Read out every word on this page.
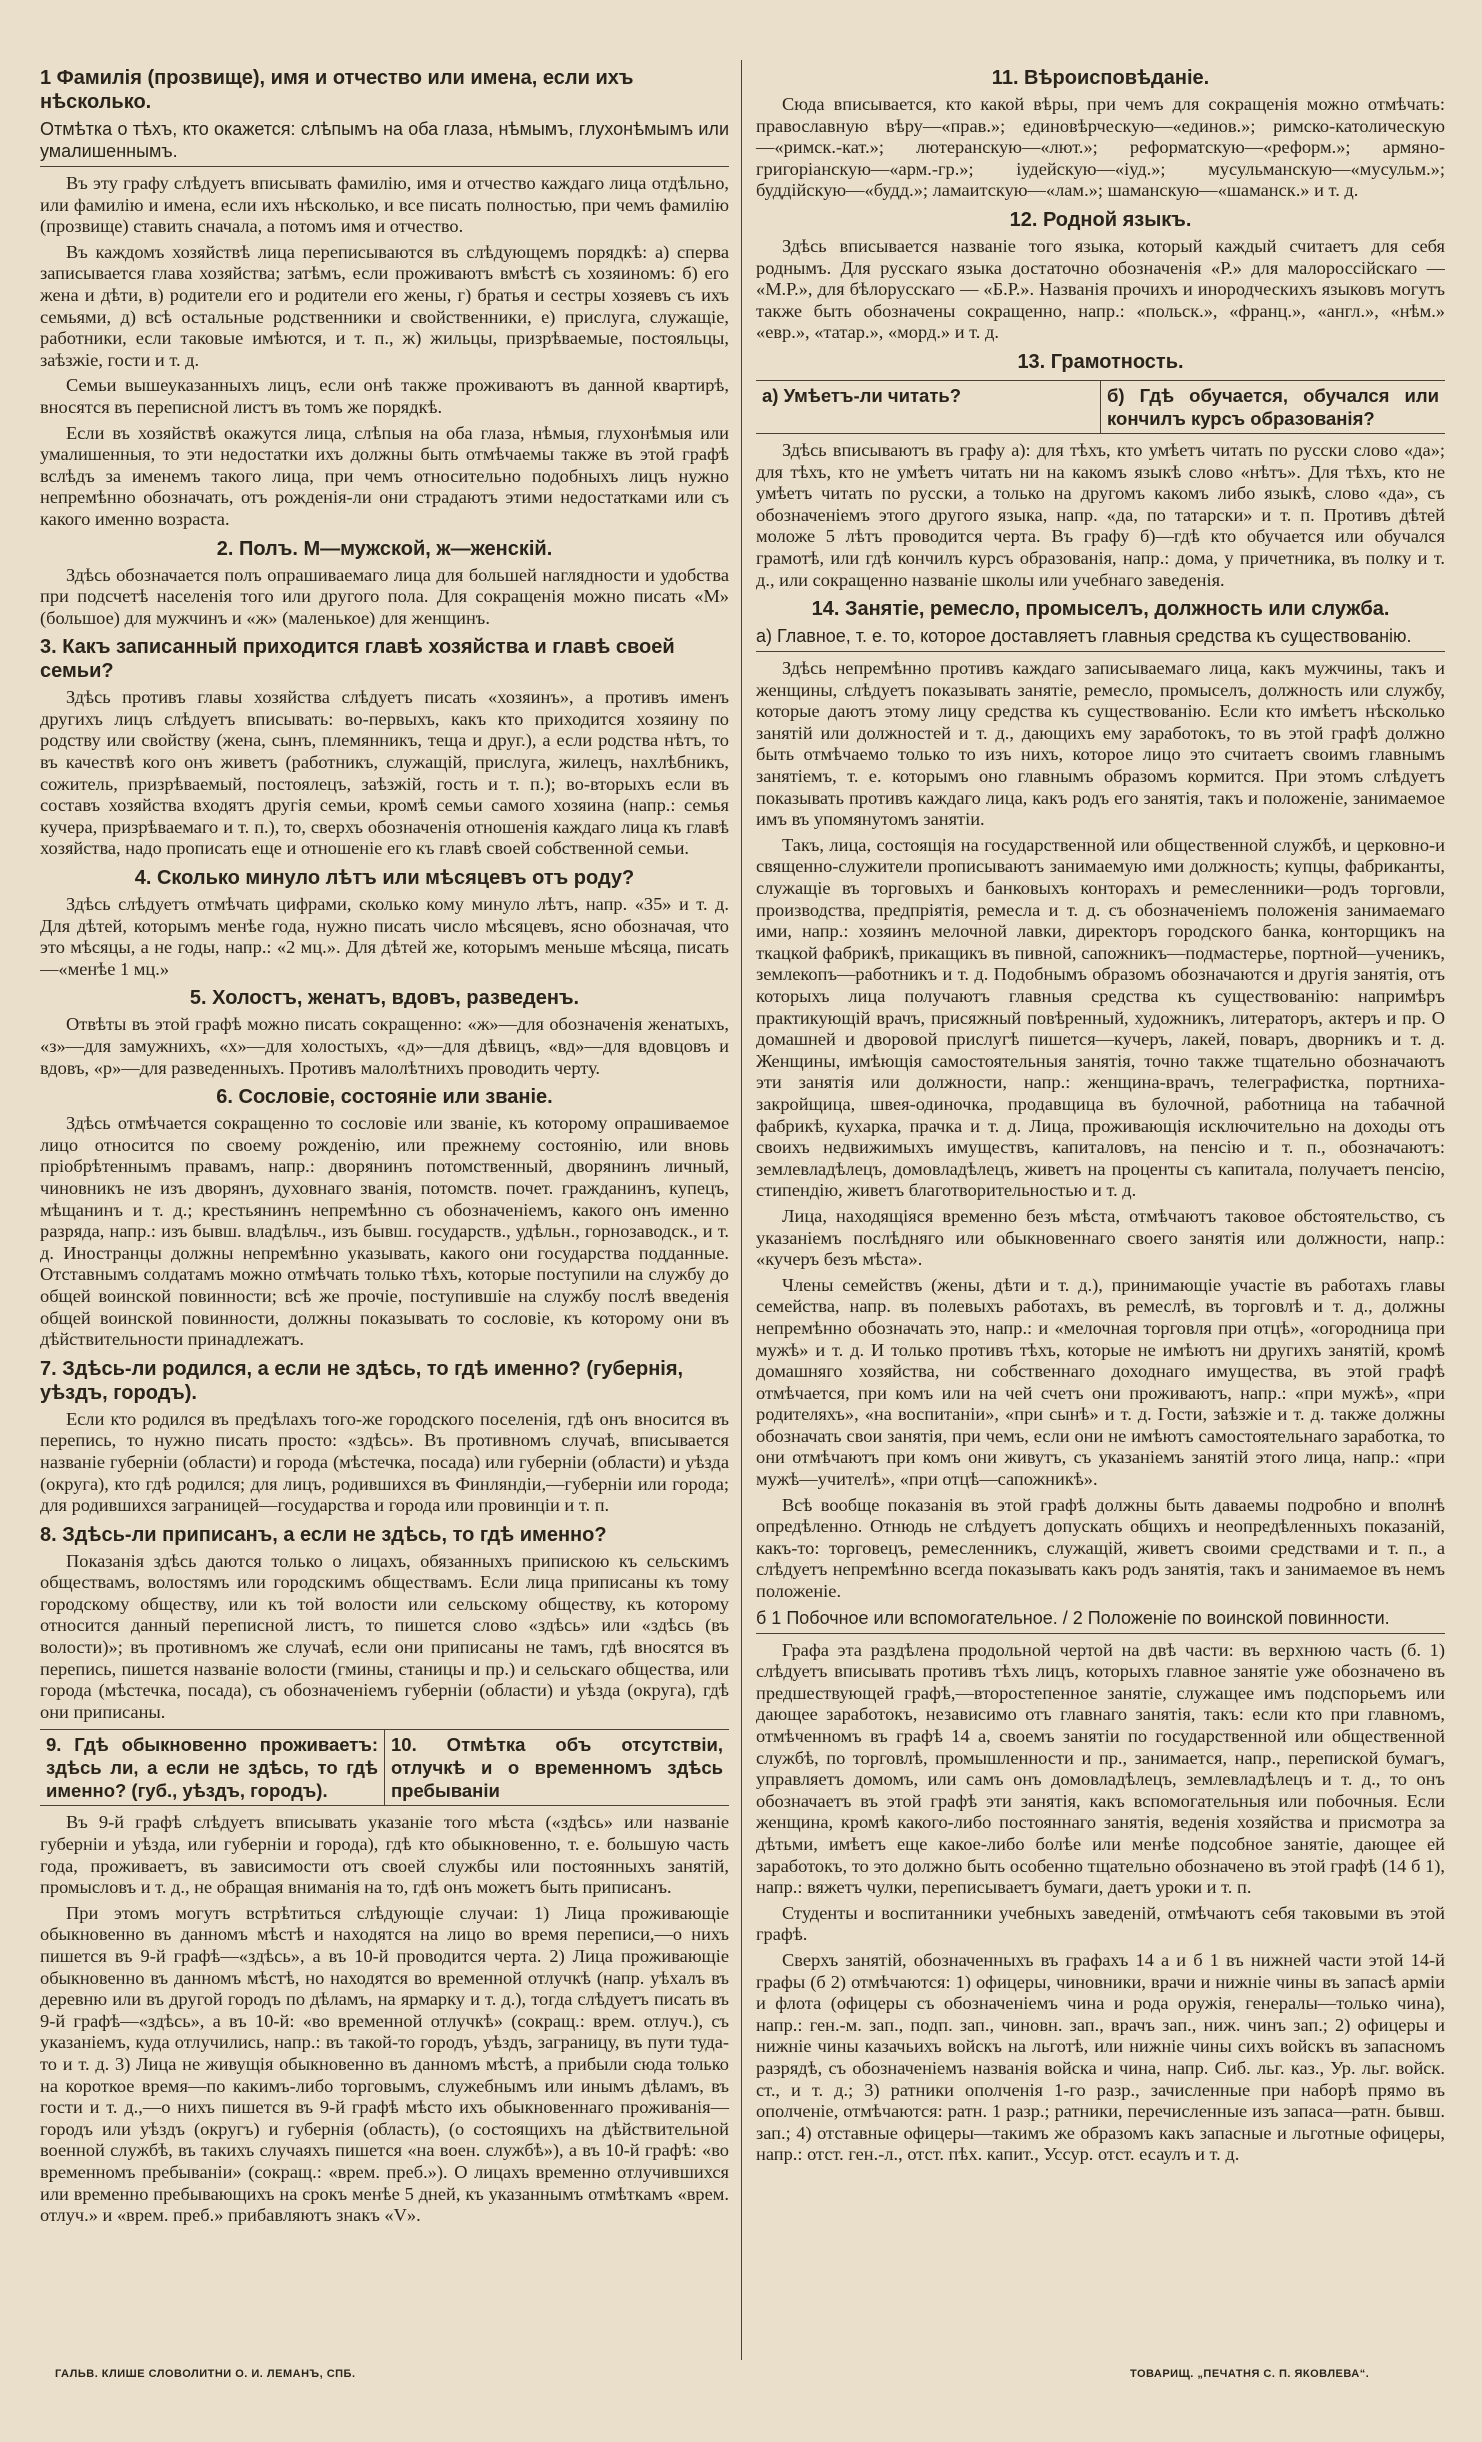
1 Фамилія (прозвище), имя и отчество или имена, если ихъ нѣсколько.
Отмѣтка о тѣхъ, кто окажется: слѣпымъ на оба глаза, нѣмымъ, глухонѣмымъ или умалишеннымъ.
Въ эту графу слѣдуетъ вписывать фамилію, имя и отчество каждаго лица отдѣльно, или фамилію и имена, если ихъ нѣсколько, и все писать полностью, при чемъ фамилію (прозвище) ставить сначала, а потомъ имя и отчество.
Въ каждомъ хозяйствѣ лица переписываются въ слѣдующемъ порядкѣ: а) сперва записывается глава хозяйства; затѣмъ, если проживаютъ вмѣстѣ съ хозяиномъ: б) его жена и дѣти, в) родители его и родители его жены, г) братья и сестры хозяевъ съ ихъ семьями, д) всѣ остальные родственники и свойственники, е) прислуга, служащіе, работники, если таковые имѣются, и т. п., ж) жильцы, призрѣваемые, постояльцы, заѣзжіе, гости и т. д.
Семьи вышеуказанныхъ лицъ, если онѣ также проживаютъ въ данной квартирѣ, вносятся въ переписной листъ въ томъ же порядкѣ.
Если въ хозяйствѣ окажутся лица, слѣпыя на оба глаза, нѣмыя, глухонѣмыя или умалишенныя, то эти недостатки ихъ должны быть отмѣчаемы также въ этой графѣ вслѣдъ за именемъ такого лица, при чемъ относительно подобныхъ лицъ нужно непремѣнно обозначать, отъ рожденія-ли они страдаютъ этими недостатками или съ какого именно возраста.
2. Полъ. М—мужской, ж—женскій.
Здѣсь обозначается полъ опрашиваемаго лица для большей наглядности и удобства при подсчетѣ населенія того или другого пола. Для сокращенія можно писать «М» (большое) для мужчинъ и «ж» (маленькое) для женщинъ.
3. Какъ записанный приходится главѣ хозяйства и главѣ своей семьи?
Здѣсь противъ главы хозяйства слѣдуетъ писать «хозяинъ», а противъ именъ другихъ лицъ слѣдуетъ вписывать: во-первыхъ, какъ кто приходится хозяину по родству или свойству (жена, сынъ, племянникъ, теща и друг.), а если родства нѣтъ, то въ качествѣ кого онъ живетъ (работникъ, служащій, прислуга, жилецъ, нахлѣбникъ, сожитель, призрѣваемый, постоялецъ, заѣзжій, гость и т. п.); во-вторыхъ если въ составъ хозяйства входятъ другія семьи, кромѣ семьи самого хозяина (напр.: семья кучера, призрѣваемаго и т. п.), то, сверхъ обозначенія отношенія каждаго лица къ главѣ хозяйства, надо прописать еще и отношеніе его къ главѣ своей собственной семьи.
4. Сколько минуло лѣтъ или мѣсяцевъ отъ роду?
Здѣсь слѣдуетъ отмѣчать цифрами, сколько кому минуло лѣтъ, напр. «35» и т. д. Для дѣтей, которымъ менѣе года, нужно писать число мѣсяцевъ, ясно обозначая, что это мѣсяцы, а не годы, напр.: «2 мц.». Для дѣтей же, которымъ меньше мѣсяца, писать—«менѣе 1 мц.»
5. Холостъ, женатъ, вдовъ, разведенъ.
Отвѣты въ этой графѣ можно писать сокращенно: «ж»—для обозначенія женатыхъ, «з»—для замужнихъ, «х»—для холостыхъ, «д»—для дѣвицъ, «вд»—для вдовцовъ и вдовъ, «р»—для разведенныхъ. Противъ малолѣтнихъ проводить черту.
6. Сословіе, состояніе или званіе.
Здѣсь отмѣчается сокращенно то сословіе или званіе, къ которому опрашиваемое лицо относится по своему рожденію, или прежнему состоянію, или вновь пріобрѣтеннымъ правамъ, напр.: дворянинъ потомственный, дворянинъ личный, чиновникъ не изъ дворянъ, духовнаго званія, потомств. почет. гражданинъ, купецъ, мѣщанинъ и т. д.; крестьянинъ непремѣнно съ обозначеніемъ, какого онъ именно разряда, напр.: изъ бывш. владѣльч., изъ бывш. государств., удѣльн., горнозаводск., и т. д. Иностранцы должны непремѣнно указывать, какого они государства подданные. Отставнымъ солдатамъ можно отмѣчать только тѣхъ, которые поступили на службу до общей воинской повинности; всѣ же прочіе, поступившіе на службу послѣ введенія общей воинской повинности, должны показывать то сословіе, къ которому они въ дѣйствительности принадлежатъ.
7. Здѣсь-ли родился, а если не здѣсь, то гдѣ именно? (губернія, уѣздъ, городъ).
Если кто родился въ предѣлахъ того-же городского поселенія, гдѣ онъ вносится въ перепись, то нужно писать просто: «здѣсь». Въ противномъ случаѣ, вписывается названіе губерніи (области) и города (мѣстечка, посада) или губерніи (области) и уѣзда (округа), кто гдѣ родился; для лицъ, родившихся въ Финляндіи,—губерніи или города; для родившихся заграницей—государства и города или провинціи и т. п.
8. Здѣсь-ли приписанъ, а если не здѣсь, то гдѣ именно?
Показанія здѣсь даются только о лицахъ, обязанныхъ припискою къ сельскимъ обществамъ, волостямъ или городскимъ обществамъ. Если лица приписаны къ тому городскому обществу, или къ той волости или сельскому обществу, къ которому относится данный переписной листъ, то пишется слово «здѣсь» или «здѣсь (въ волости)»; въ противномъ же случаѣ, если они приписаны не тамъ, гдѣ вносятся въ перепись, пишется названіе волости (гмины, станицы и пр.) и сельскаго общества, или города (мѣстечка, посада), съ обозначеніемъ губерніи (области) и уѣзда (округа), гдѣ они приписаны.
9. Гдѣ обыкновенно проживаетъ: здѣсь ли, а если не здѣсь, то гдѣ именно? (губ., уѣздъ, городъ).
10. Отмѣтка объ отсутствіи, отлучкѣ и о временномъ здѣсь пребываніи
Въ 9-й графѣ слѣдуетъ вписывать указаніе того мѣста («здѣсь» или названіе губерніи и уѣзда, или губерніи и города), гдѣ кто обыкновенно, т. е. большую часть года, проживаетъ, въ зависимости отъ своей службы или постоянныхъ занятій, промысловъ и т. д., не обращая вниманія на то, гдѣ онъ можетъ быть приписанъ.
При этомъ могутъ встрѣтиться слѣдующіе случаи: 1) Лица проживающіе обыкновенно въ данномъ мѣстѣ и находятся на лицо во время переписи,—о нихъ пишется въ 9-й графѣ—«здѣсь», а въ 10-й проводится черта. 2) Лица проживающіе обыкновенно въ данномъ мѣстѣ, но находятся во временной отлучкѣ (напр. уѣхалъ въ деревню или въ другой городъ по дѣламъ, на ярмарку и т. д.), тогда слѣдуетъ писать въ 9-й графѣ—«здѣсь», а въ 10-й: «во временной отлучкѣ» (сокращ.: врем. отлуч.), съ указаніемъ, куда отлучились, напр.: въ такой-то городъ, уѣздъ, заграницу, въ пути туда-то и т. д. 3) Лица не живущія обыкновенно въ данномъ мѣстѣ, а прибыли сюда только на короткое время—по какимъ-либо торговымъ, служебнымъ или инымъ дѣламъ, въ гости и т. д.,—о нихъ пишется въ 9-й графѣ мѣсто ихъ обыкновеннаго проживанія—городъ или уѣздъ (округъ) и губернія (область), (о состоящихъ на дѣйствительной военной службѣ, въ такихъ случаяхъ пишется «на воен. службѣ»), а въ 10-й графѣ: «во временномъ пребываніи» (сокращ.: «врем. преб.»). О лицахъ временно отлучившихся или временно пребывающихъ на срокъ менѣе 5 дней, къ указаннымъ отмѣткамъ «врем. отлуч.» и «врем. преб.» прибавляютъ знакъ «V».
11. Вѣроисповѣданіе.
Сюда вписывается, кто какой вѣры, при чемъ для сокращенія можно отмѣчать: православную вѣру—«прав.»; единовѣрческую—«единов.»; римско-католическую—«римск.-кат.»; лютеранскую—«лют.»; реформатскую—«реформ.»; армяно-григоріанскую—«арм.-гр.»; іудейскую—«іуд.»; мусульманскую—«мусульм.»; буддійскую—«будд.»; ламаитскую—«лам.»; шаманскую—«шаманск.» и т. д.
12. Родной языкъ.
Здѣсь вписывается названіе того языка, который каждый считаетъ для себя роднымъ. Для русскаго языка достаточно обозначенія «Р.» для малороссійскаго — «М.Р.», для бѣлорусскаго — «Б.Р.». Названія прочихъ и инородческихъ языковъ могутъ также быть обозначены сокращенно, напр.: «польск.», «франц.», «англ.», «нѣм.» «евр.», «татар.», «морд.» и т. д.
13. Грамотность.
а) Умѣетъ-ли читать?	б) Гдѣ обучается, обучался или кончилъ курсъ образованія?
Здѣсь вписываютъ въ графу а): для тѣхъ, кто умѣетъ читать по русски слово «да»; для тѣхъ, кто не умѣетъ читать ни на какомъ языкѣ слово «нѣтъ». Для тѣхъ, кто не умѣетъ читать по русски, а только на другомъ какомъ либо языкѣ, слово «да», съ обозначеніемъ этого другого языка, напр. «да, по татарски» и т. п. Противъ дѣтей моложе 5 лѣтъ проводится черта. Въ графу б)—гдѣ кто обучается или обучался грамотѣ, или гдѣ кончилъ курсъ образованія, напр.: дома, у причетника, въ полку и т. д., или сокращенно названіе школы или учебнаго заведенія.
14. Занятіе, ремесло, промыселъ, должность или служба.
а) Главное, т. е. то, которое доставляетъ главныя средства къ существованію.
Здѣсь непремѣнно противъ каждаго записываемаго лица, какъ мужчины, такъ и женщины, слѣдуетъ показывать занятіе, ремесло, промыселъ, должность или службу, которые даютъ этому лицу средства къ существованію. Если кто имѣетъ нѣсколько занятій или должностей и т. д., дающихъ ему заработокъ, то въ этой графѣ должно быть отмѣчаемо только то изъ нихъ, которое лицо это считаетъ своимъ главнымъ занятіемъ, т. е. которымъ оно главнымъ образомъ кормится. При этомъ слѣдуетъ показывать противъ каждаго лица, какъ родъ его занятія, такъ и положеніе, занимаемое имъ въ упомянутомъ занятіи.
Такъ, лица, состоящія на государственной или общественной службѣ, и церковно-и священно-служители прописываютъ занимаемую ими должность; купцы, фабриканты, служащіе въ торговыхъ и банковыхъ конторахъ и ремесленники—родъ торговли, производства, предпріятія, ремесла и т. д. съ обозначеніемъ положенія занимаемаго ими, напр.: хозяинъ мелочной лавки, директоръ городского банка, конторщикъ на ткацкой фабрикѣ, прикащикъ въ пивной, сапожникъ—подмастерье, портной—ученикъ, землекопъ—работникъ и т. д. Подобнымъ образомъ обозначаются и другія занятія, отъ которыхъ лица получаютъ главныя средства къ существованію: напримѣръ практикующій врачъ, присяжный повѣренный, художникъ, литераторъ, актеръ и пр. О домашней и дворовой прислугѣ пишется—кучеръ, лакей, поваръ, дворникъ и т. д. Женщины, имѣющія самостоятельныя занятія, точно также тщательно обозначаютъ эти занятія или должности, напр.: женщина-врачъ, телеграфистка, портниха-закройщица, швея-одиночка, продавщица въ булочной, работница на табачной фабрикѣ, кухарка, прачка и т. д. Лица, проживающія исключительно на доходы отъ своихъ недвижимыхъ имуществъ, капиталовъ, на пенсію и т. п., обозначаютъ: землевладѣлецъ, домовладѣлецъ, живетъ на проценты съ капитала, получаетъ пенсію, стипендію, живетъ благотворительностью и т. д.
Лица, находящіяся временно безъ мѣста, отмѣчаютъ таковое обстоятельство, съ указаніемъ послѣдняго или обыкновеннаго своего занятія или должности, напр.: «кучеръ безъ мѣста».
Члены семействъ (жены, дѣти и т. д.), принимающіе участіе въ работахъ главы семейства, напр. въ полевыхъ работахъ, въ ремеслѣ, въ торговлѣ и т. д., должны непремѣнно обозначать это, напр.: и «мелочная торговля при отцѣ», «огородница при мужѣ» и т. д. И только противъ тѣхъ, которые не имѣютъ ни другихъ занятій, кромѣ домашняго хозяйства, ни собственнаго доходнаго имущества, въ этой графѣ отмѣчается, при комъ или на чей счетъ они проживаютъ, напр.: «при мужѣ», «при родителяхъ», «на воспитаніи», «при сынѣ» и т. д. Гости, заѣзжіе и т. д. также должны обозначать свои занятія, при чемъ, если они не имѣютъ самостоятельнаго заработка, то они отмѣчаютъ при комъ они живутъ, съ указаніемъ занятій этого лица, напр.: «при мужѣ—учителѣ», «при отцѣ—сапожникѣ».
Всѣ вообще показанія въ этой графѣ должны быть даваемы подробно и вполнѣ опредѣленно. Отнюдь не слѣдуетъ допускать общихъ и неопредѣленныхъ показаній, какъ-то: торговецъ, ремесленникъ, служащій, живетъ своими средствами и т. п., а слѣдуетъ непремѣнно всегда показывать какъ родъ занятія, такъ и занимаемое въ немъ положеніе.
б 1 Побочное или вспомогательное. / 2 Положеніе по воинской повинности.
Графа эта раздѣлена продольной чертой на двѣ части: въ верхнюю часть (б. 1) слѣдуетъ вписывать противъ тѣхъ лицъ, которыхъ главное занятіе уже обозначено въ предшествующей графѣ,—второстепенное занятіе, служащее имъ подспорьемъ или дающее заработокъ, независимо отъ главнаго занятія, такъ: если кто при главномъ, отмѣченномъ въ графѣ 14 а, своемъ занятіи по государственной или общественной службѣ, по торговлѣ, промышленности и пр., занимается, напр., перепиской бумагъ, управляетъ домомъ, или самъ онъ домовладѣлецъ, землевладѣлецъ и т. д., то онъ обозначаетъ въ этой графѣ эти занятія, какъ вспомогательныя или побочныя. Если женщина, кромѣ какого-либо постояннаго занятія, веденія хозяйства и присмотра за дѣтьми, имѣетъ еще какое-либо болѣе или менѣе подсобное занятіе, дающее ей заработокъ, то это должно быть особенно тщательно обозначено въ этой графѣ (14 б 1), напр.: вяжетъ чулки, переписываетъ бумаги, даетъ уроки и т. п.
Студенты и воспитанники учебныхъ заведеній, отмѣчаютъ себя таковыми въ этой графѣ.
Сверхъ занятій, обозначенныхъ въ графахъ 14 а и б 1 въ нижней части этой 14-й графы (б 2) отмѣчаются: 1) офицеры, чиновники, врачи и нижніе чины въ запасѣ арміи и флота (офицеры съ обозначеніемъ чина и рода оружія, генералы—только чина), напр.: ген.-м. зап., подп. зап., чиновн. зап., врачъ зап., ниж. чинъ зап.; 2) офицеры и нижніе чины казачьихъ войскъ на льготѣ, или нижніе чины сихъ войскъ въ запасномъ разрядѣ, съ обозначеніемъ названія войска и чина, напр. Сиб. льг. каз., Ур. льг. войск. ст., и т. д.; 3) ратники ополченія 1-го разр., зачисленные при наборѣ прямо въ ополченіе, отмѣчаются: ратн. 1 разр.; ратники, перечисленные изъ запаса—ратн. бывш. зап.; 4) отставные офицеры—такимъ же образомъ какъ запасные и льготные офицеры, напр.: отст. ген.-л., отст. пѣх. капит., Уссур. отст. есаулъ и т. д.
ГАЛЬВ. КЛИШЕ СЛОВОЛИТНИ О. И. ЛЕМАНЪ, СПБ.	ТОВАРИЩ. „ПЕЧАТНЯ С. П. ЯКОВЛЕВА“.
